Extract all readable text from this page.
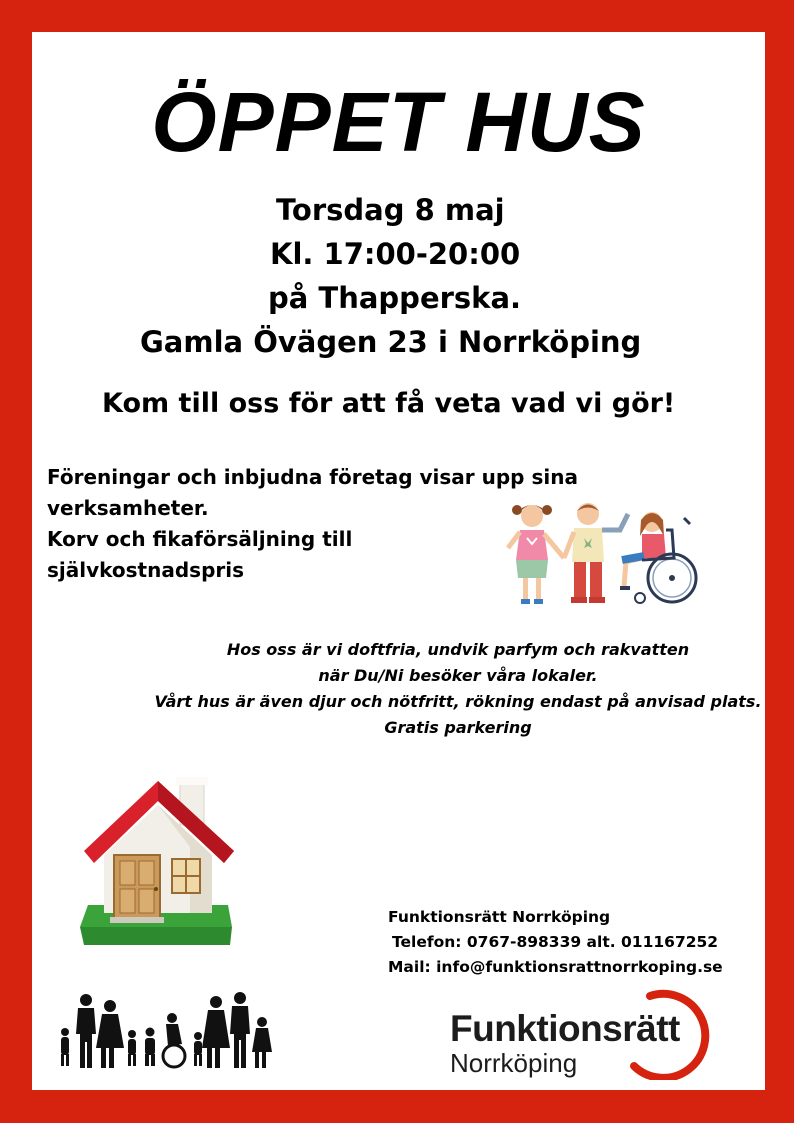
ÖPPET HUS
Torsdag 8 maj
Kl. 17:00-20:00
på Thapperska.
Gamla Övägen 23 i Norrköping
Kom till oss för att få veta vad vi gör!
Föreningar och inbjudna företag visar upp sina
verksamheter.
Korv och fikaförsäljning till
självkostnadspris
Hos oss är vi doftfria, undvik parfym och rakvatten
när Du/Ni besöker våra lokaler.
Vårt hus är även djur och nötfritt, rökning endast på anvisad plats.
Gratis parkering
Funktionsrätt Norrköping
Telefon: 0767-898339 alt. 011167252
Mail: info@funktionsrattnorrkoping.se
Funktionsrätt
Norrköping
